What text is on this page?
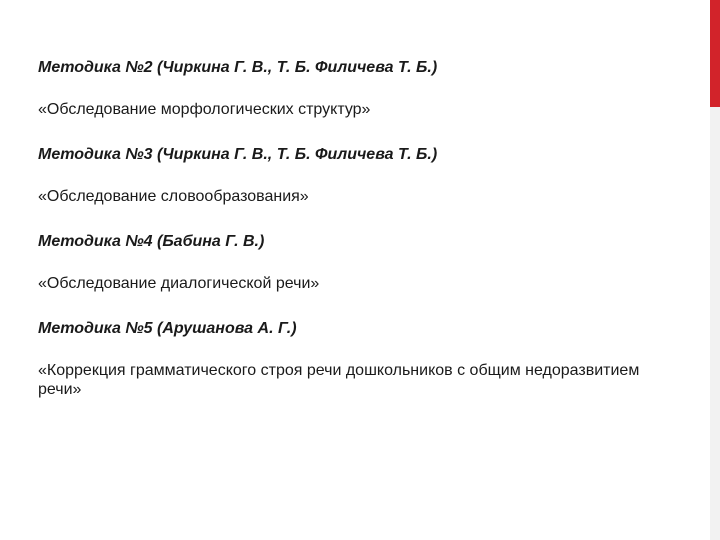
Методика №2 (Чиркина Г. В., Т. Б. Филичева Т. Б.)

«Обследование морфологических структур»

Методика №3 (Чиркина Г. В., Т. Б. Филичева Т. Б.)

«Обследование словообразования»

Методика №4 (Бабина Г. В.)

«Обследование диалогической речи»

Методика №5 (Арушанова А. Г.)

«Коррекция грамматического строя речи дошкольников с общим недоразвитием речи»
